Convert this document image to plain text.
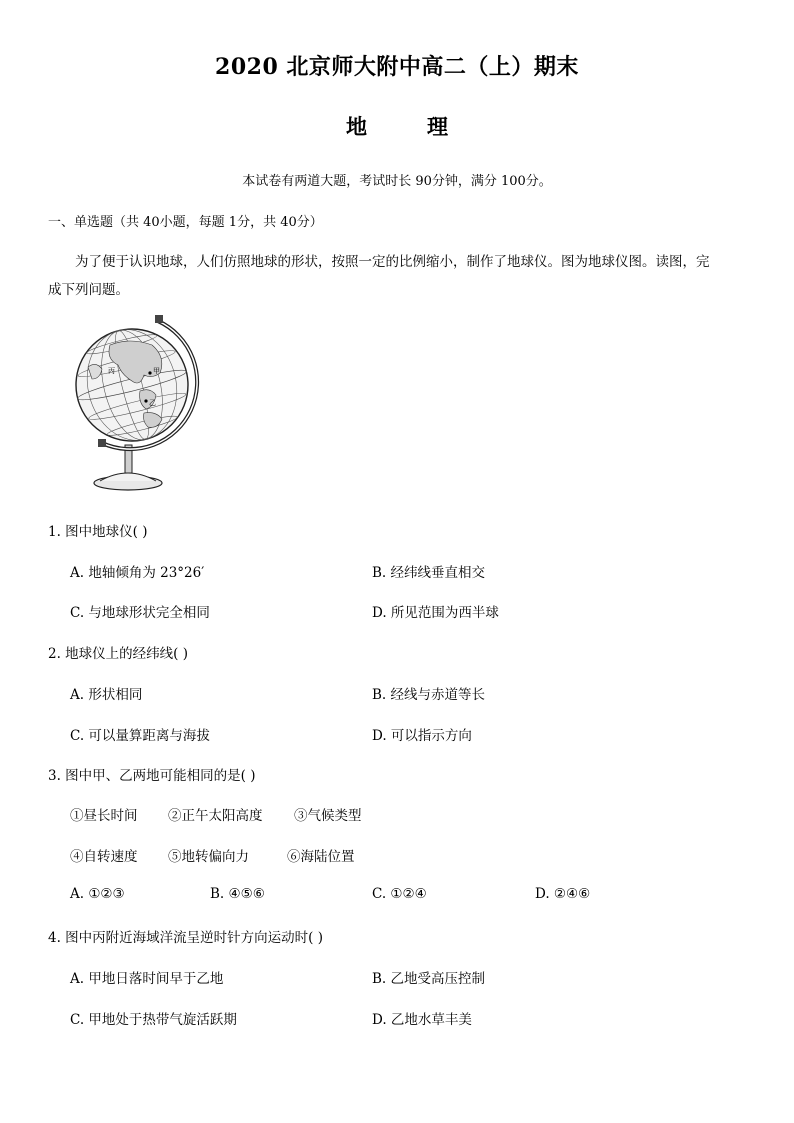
2020 北京师大附中高二（上）期末
地	理
本试卷有两道大题，考试时长 90分钟，满分 100分。
一、单选题（共 40小题，每题 1分，共 40分）
为了便于认识地球，人们仿照地球的形状，按照一定的比例缩小，制作了地球仪。图为地球仪图。读图，完
成下列问题。
甲
乙
丙
1. 图中地球仪( )
A. 地轴倾角为 23°26′	B. 经纬线垂直相交
C. 与地球形状完全相同	D. 所见范围为西半球
2. 地球仪上的经纬线( )
A. 形状相同	B. 经线与赤道等长
C. 可以量算距离与海拔	D. 可以指示方向
3. 图中甲、乙两地可能相同的是( )
①昼长时间 ②正午太阳高度 ③气候类型
④自转速度 ⑤地转偏向力	⑥海陆位置
A. ①②③	B. ④⑤⑥	C. ①②④	D. ②④⑥
4. 图中丙附近海域洋流呈逆时针方向运动时( )
A. 甲地日落时间早于乙地	B. 乙地受高压控制
C. 甲地处于热带气旋活跃期	D. 乙地水草丰美
